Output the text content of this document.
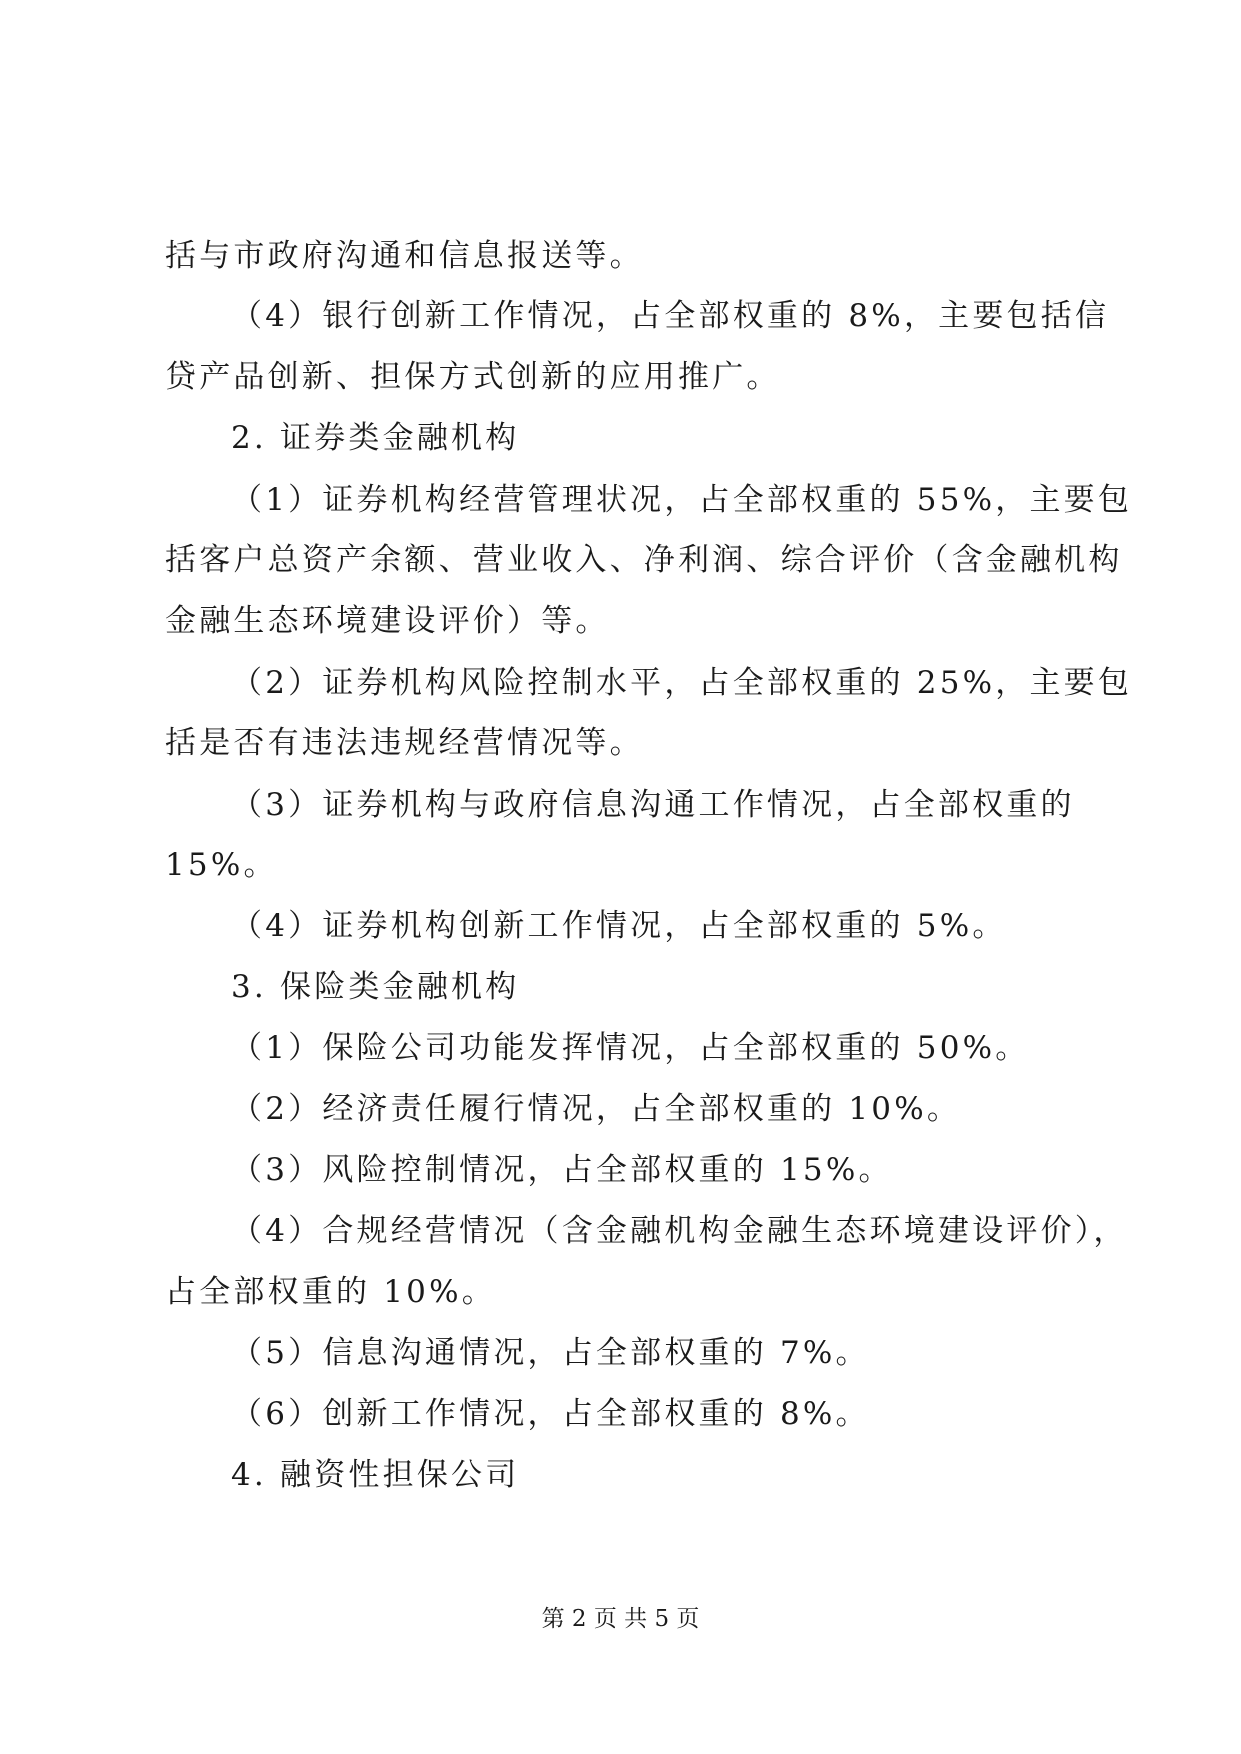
括与市政府沟通和信息报送等。
（4）银行创新工作情况，占全部权重的 8%，主要包括信
贷产品创新、担保方式创新的应用推广。
2. 证券类金融机构
（1）证券机构经营管理状况，占全部权重的 55%，主要包
括客户总资产余额、营业收入、净利润、综合评价（含金融机构
金融生态环境建设评价）等。
（2）证券机构风险控制水平，占全部权重的 25%，主要包
括是否有违法违规经营情况等。
（3）证券机构与政府信息沟通工作情况，占全部权重的
15%。
（4）证券机构创新工作情况，占全部权重的 5%。
3. 保险类金融机构
（1）保险公司功能发挥情况，占全部权重的 50%。
（2）经济责任履行情况，占全部权重的 10%。
（3）风险控制情况，占全部权重的 15%。
（4）合规经营情况（含金融机构金融生态环境建设评价），
占全部权重的 10%。
（5）信息沟通情况，占全部权重的 7%。
（6）创新工作情况，占全部权重的 8%。
4. 融资性担保公司
第 2 页 共 5 页
